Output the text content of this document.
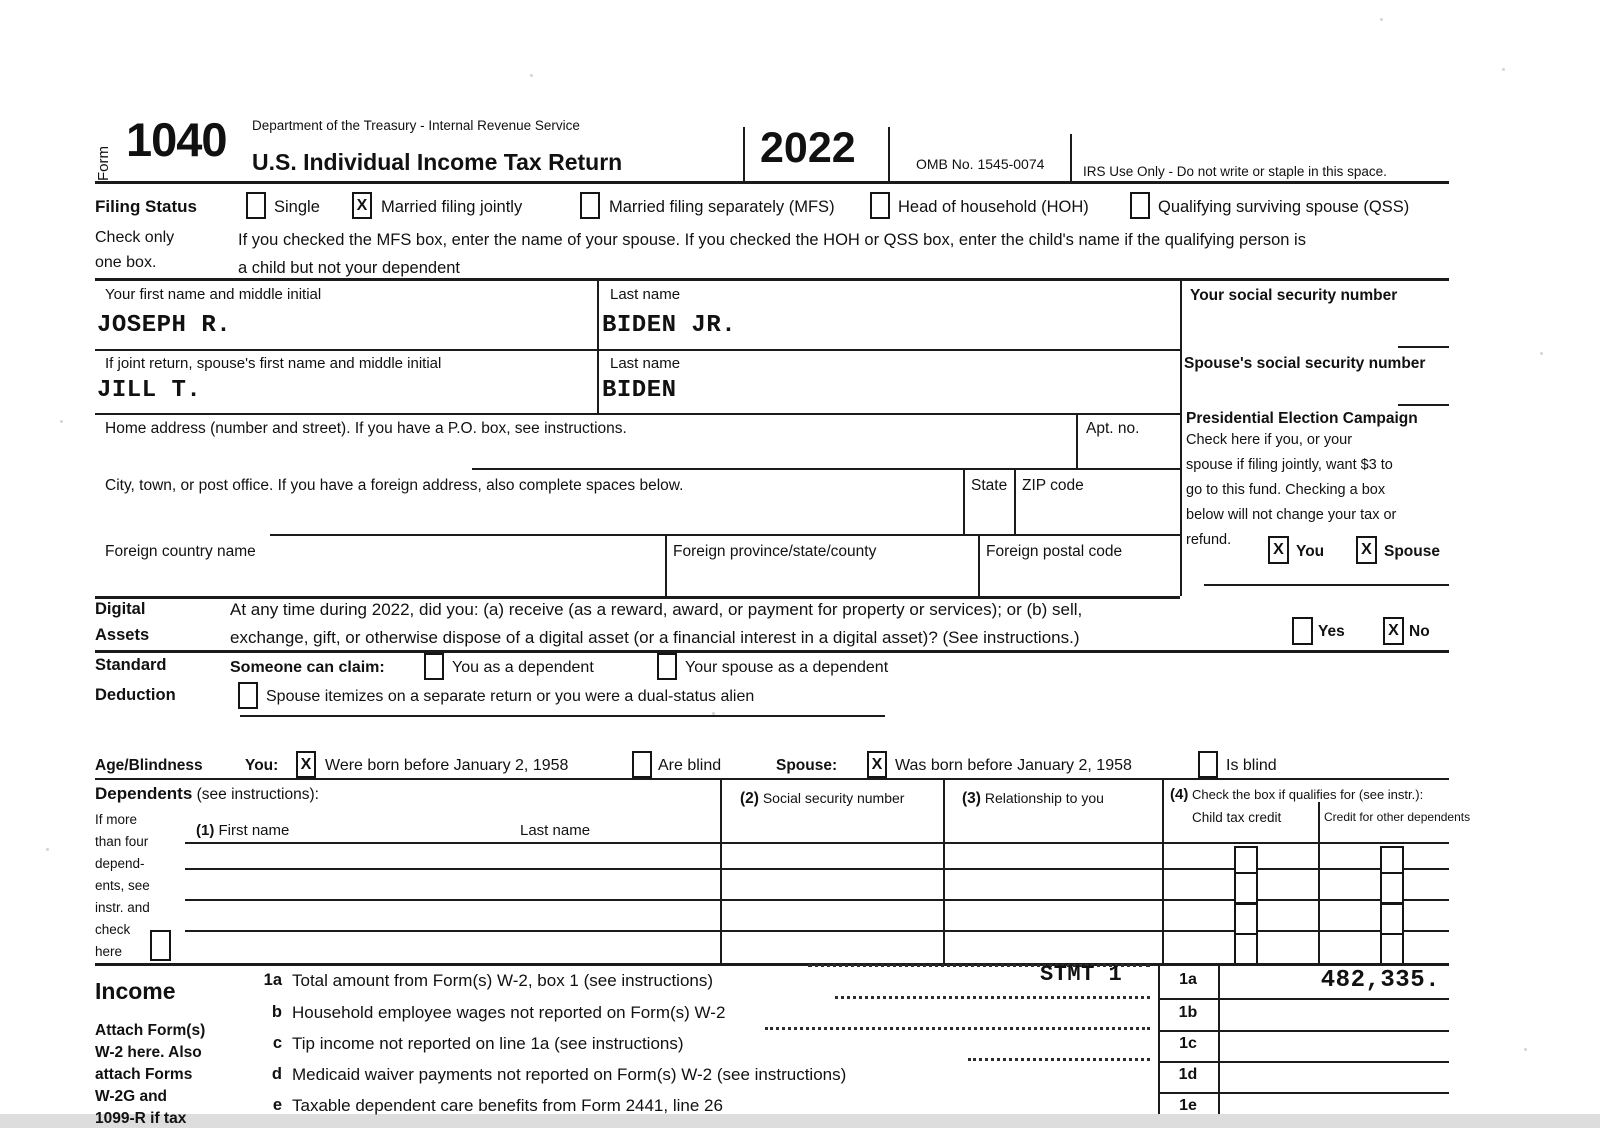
Form 1040 Department of the Treasury - Internal Revenue Service
U.S. Individual Income Tax Return	2022	OMB No. 1545-0074	IRS Use Only - Do not write or staple in this space.
Filing Status	Single X Married filing jointly	Married filing separately (MFS)	Head of household (HOH)	Qualifying surviving spouse (QSS)
Check only
one box.
If you checked the MFS box, enter the name of your spouse. If you checked the HOH or QSS box, enter the child's name if the qualifying person is
a child but not your dependent
Your first name and middle initial	Last name	Your social security number
JOSEPH R.	BIDEN JR.
If joint return, spouse's first name and middle initial	Last name	Spouse's social security number
JILL T.	BIDEN
Home address (number and street). If you have a P.O. box, see instructions.	Apt. no.
City, town, or post office. If you have a foreign address, also complete spaces below.	State ZIP code
Foreign country name	Foreign province/state/county	Foreign postal code
Presidential Election Campaign
Check here if you, or your
spouse if filing jointly, want $3 to
go to this fund. Checking a box
below will not change your tax or
refund.
X You	X Spouse
Digital
Assets
At any time during 2022, did you: (a) receive (as a reward, award, or payment for property or services); or (b) sell,
exchange, gift, or otherwise dispose of a digital asset (or a financial interest in a digital asset)? (See instructions.)	Yes	X No
Standard
Deduction
Someone can claim:	You as a dependent	Your spouse as a dependent
Spouse itemizes on a separate return or you were a dual-status alien
Age/Blindness	You: X Were born before January 2, 1958	Are blind	Spouse: X Was born before January 2, 1958	Is blind
Dependents (see instructions):
If more
than four
depend-
ents, see
instr. and
check
here
(1) First name	Last name
(2) Social security number	(3) Relationship to you	(4) Check the box if qualifies for (see instr.):
Child tax credit	Credit for other dependents
Income
Attach Form(s)
W-2 here. Also
attach Forms
W-2G and
1099-R if tax
1a Total amount from Form(s) W-2, box 1 (see instructions)	STMT 1	1a	482,335.
b Household employee wages not reported on Form(s) W-2	1b
c Tip income not reported on line 1a (see instructions)	1c
d Medicaid waiver payments not reported on Form(s) W-2 (see instructions)	1d
e Taxable dependent care benefits from Form 2441, line 26	1e
